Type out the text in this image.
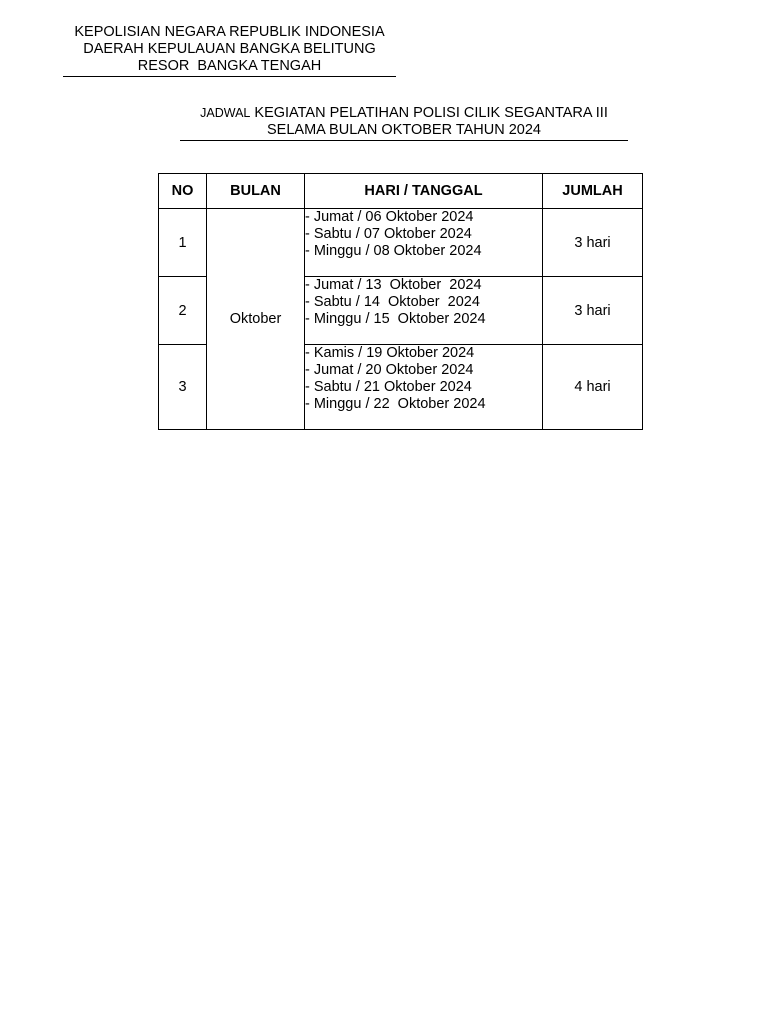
KEPOLISIAN NEGARA REPUBLIK INDONESIA
DAERAH KEPULAUAN BANGKA BELITUNG
RESOR  BANGKA TENGAH
JADWAL KEGIATAN PELATIHAN POLISI CILIK SEGANTARA III
SELAMA BULAN OKTOBER TAHUN 2024
NO	BULAN	HARI / TANGGAL	JUMLAH
1	Oktober	- Jumat / 06 Oktober 2024
- Sabtu / 07 Oktober 2024
- Minggu / 08 Oktober 2024	3 hari
2		- Jumat / 13  Oktober  2024
- Sabtu / 14  Oktober  2024
- Minggu / 15  Oktober 2024	3 hari
3		- Kamis / 19 Oktober 2024
- Jumat / 20 Oktober 2024
- Sabtu / 21 Oktober 2024
- Minggu / 22  Oktober 2024	4 hari
